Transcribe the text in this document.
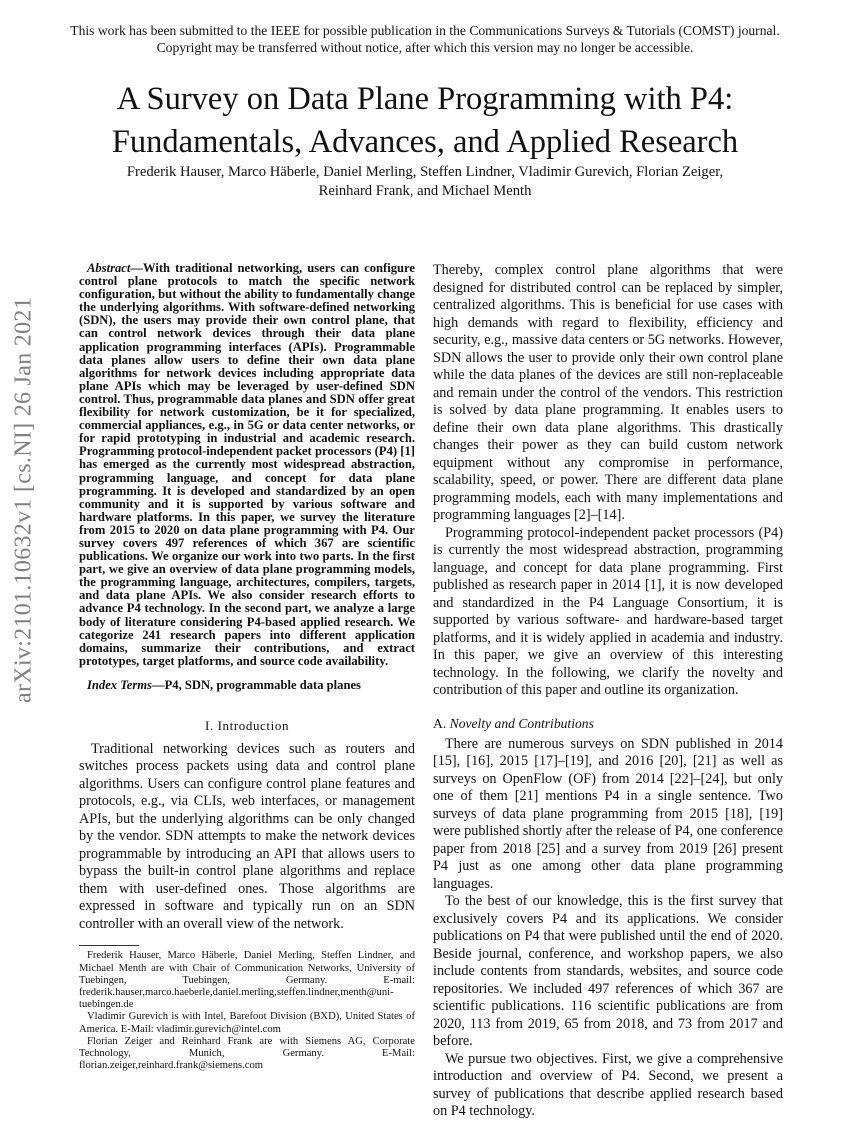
This work has been submitted to the IEEE for possible publication in the Communications Surveys & Tutorials (COMST) journal. Copyright may be transferred without notice, after which this version may no longer be accessible.
A Survey on Data Plane Programming with P4:
Fundamentals, Advances, and Applied Research
Frederik Hauser, Marco Häberle, Daniel Merling, Steffen Lindner, Vladimir Gurevich, Florian Zeiger,
Reinhard Frank, and Michael Menth
arXiv:2101.10632v1 [cs.NI] 26 Jan 2021

Abstract—With traditional networking, users can configure control plane protocols to match the specific network configuration, but without the ability to fundamentally change the underlying algorithms. With software-defined networking (SDN), the users may provide their own control plane, that can control network devices through their data plane application programming interfaces (APIs). Programmable data planes allow users to define their own data plane algorithms for network devices including appropriate data plane APIs which may be leveraged by user-defined SDN control. Thus, programmable data planes and SDN offer great flexibility for network customization, be it for specialized, commercial appliances, e.g., in 5G or data center networks, or for rapid prototyping in industrial and academic research. Programming protocol-independent packet processors (P4) [1] has emerged as the currently most widespread abstraction, programming language, and concept for data plane programming. It is developed and standardized by an open community and it is supported by various software and hardware platforms. In this paper, we survey the literature from 2015 to 2020 on data plane programming with P4. Our survey covers 497 references of which 367 are scientific publications. We organize our work into two parts. In the first part, we give an overview of data plane programming models, the programming language, architectures, compilers, targets, and data plane APIs. We also consider research efforts to advance P4 technology. In the second part, we analyze a large body of literature considering P4-based applied research. We categorize 241 research papers into different application domains, summarize their contributions, and extract prototypes, target platforms, and source code availability.

Index Terms—P4, SDN, programmable data planes

I. Introduction

Traditional networking devices such as routers and switches process packets using data and control plane algorithms. Users can configure control plane features and protocols, e.g., via CLIs, web interfaces, or management APIs, but the underlying algorithms can be only changed by the vendor. SDN attempts to make the network devices programmable by introducing an API that allows users to bypass the built-in control plane algorithms and replace them with user-defined ones. Those algorithms are expressed in software and typically run on an SDN controller with an overall view of the network.

Frederik Hauser, Marco Häberle, Daniel Merling, Steffen Lindner, and Michael Menth are with Chair of Communication Networks, University of Tuebingen, Tuebingen, Germany. E-mail: frederik.hauser,marco.haeberle,daniel.merling,steffen.lindner,menth@uni-tuebingen.de

Vladimir Gurevich is with Intel, Barefoot Division (BXD), United States of America. E-Mail: vladimir.gurevich@intel.com

Florian Zeiger and Reinhard Frank are with Siemens AG, Corporate Technology, Munich, Germany. E-Mail: florian.zeiger,reinhard.frank@siemens.com

Thereby, complex control plane algorithms that were designed for distributed control can be replaced by simpler, centralized algorithms. This is beneficial for use cases with high demands with regard to flexibility, efficiency and security, e.g., massive data centers or 5G networks. However, SDN allows the user to provide only their own control plane while the data planes of the devices are still non-replaceable and remain under the control of the vendors. This restriction is solved by data plane programming. It enables users to define their own data plane algorithms. This drastically changes their power as they can build custom network equipment without any compromise in performance, scalability, speed, or power. There are different data plane programming models, each with many implementations and programming languages [2]–[14].

Programming protocol-independent packet processors (P4) is currently the most widespread abstraction, programming language, and concept for data plane programming. First published as research paper in 2014 [1], it is now developed and standardized in the P4 Language Consortium, it is supported by various software- and hardware-based target platforms, and it is widely applied in academia and industry. In this paper, we give an overview of this interesting technology. In the following, we clarify the novelty and contribution of this paper and outline its organization.

A. Novelty and Contributions

There are numerous surveys on SDN published in 2014 [15], [16], 2015 [17]–[19], and 2016 [20], [21] as well as surveys on OpenFlow (OF) from 2014 [22]–[24], but only one of them [21] mentions P4 in a single sentence. Two surveys of data plane programming from 2015 [18], [19] were published shortly after the release of P4, one conference paper from 2018 [25] and a survey from 2019 [26] present P4 just as one among other data plane programming languages.

To the best of our knowledge, this is the first survey that exclusively covers P4 and its applications. We consider publications on P4 that were published until the end of 2020. Beside journal, conference, and workshop papers, we also include contents from standards, websites, and source code repositories. We included 497 references of which 367 are scientific publications. 116 scientific publications are from 2020, 113 from 2019, 65 from 2018, and 73 from 2017 and before.

We pursue two objectives. First, we give a comprehensive introduction and overview of P4. Second, we present a survey of publications that describe applied research based on P4 technology.
